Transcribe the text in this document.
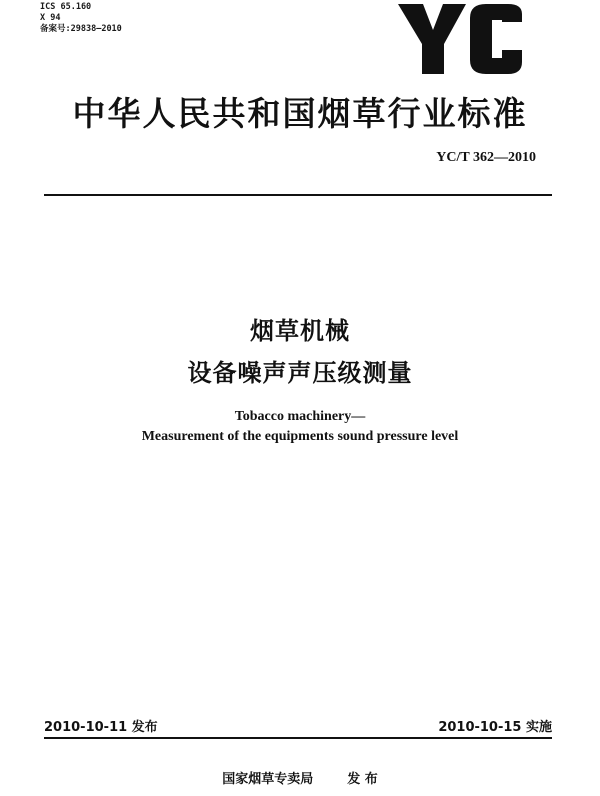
ICS 65.160
X 94
备案号:29838—2010
中华人民共和国烟草行业标准
YC/T 362—2010
烟草机械
设备噪声声压级测量
Tobacco machinery—
Measurement of the equipments sound pressure level
2010-10-11 发布	2010-10-15 实施
国家烟草专卖局	发 布
